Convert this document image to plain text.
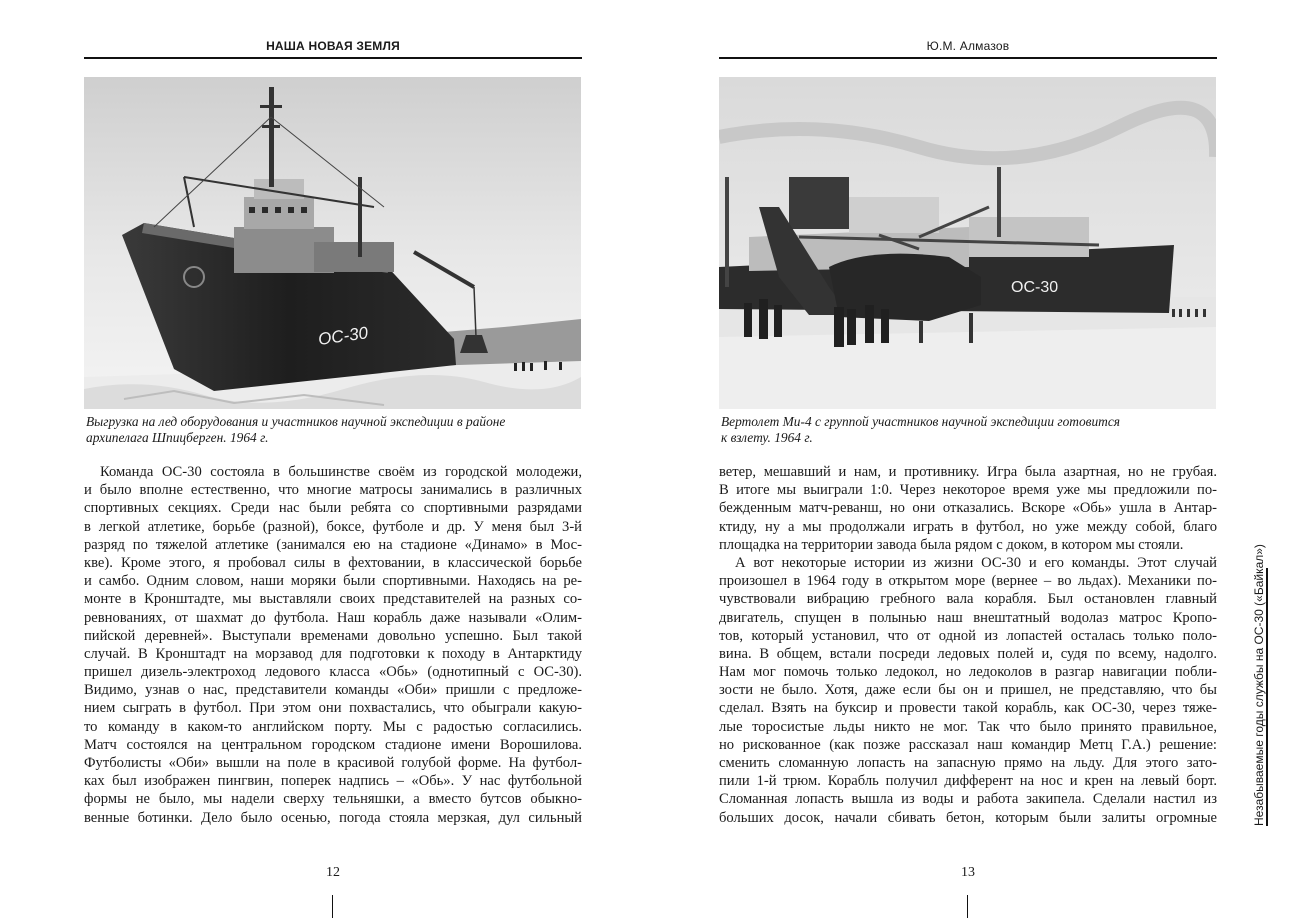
НАША НОВАЯ ЗЕМЛЯ
ОС-30
Выгрузка на лед оборудования и участников научной экспедиции в районе
архипелага Шпицберген. 1964 г.
Команда ОС-30 состояла в большинстве своём из городской молодежи,
и было вполне естественно, что многие матросы занимались в различных
спортивных секциях. Среди нас были ребята со спортивными разрядами
в легкой атлетике, борьбе (разной), боксе, футболе и др. У меня был 3-й
разряд по тяжелой атлетике (занимался ею на стадионе «Динамо» в Мос-
кве). Кроме этого, я пробовал силы в фехтовании, в классической борьбе
и самбо. Одним словом, наши моряки были спортивными. Находясь на ре-
монте в Кронштадте, мы выставляли своих представителей на разных со-
ревнованиях, от шахмат до футбола. Наш корабль даже называли «Олим-
пийской деревней». Выступали временами довольно успешно. Был такой
случай. В Кронштадт на морзавод для подготовки к походу в Антарктиду
пришел дизель-электроход ледового класса «Обь» (однотипный с ОС-30).
Видимо, узнав о нас, представители команды «Оби» пришли с предложе-
нием сыграть в футбол. При этом они похвастались, что обыграли какую-
то команду в каком-то английском порту. Мы с радостью согласились.
Матч состоялся на центральном городском стадионе имени Ворошилова.
Футболисты «Оби» вышли на поле в красивой голубой форме. На футбол-
ках был изображен пингвин, поперек надпись – «Обь». У нас футбольной
формы не было, мы надели сверху тельняшки, а вместо бутсов обыкно-
венные ботинки. Дело было осенью, погода стояла мерзкая, дул сильный
12
Ю.М. Алмазов
ОС-30
Вертолет Ми-4 с группой участников научной экспедиции готовится
к взлету. 1964 г.
ветер, мешавший и нам, и противнику. Игра была азартная, но не грубая.
В итоге мы выиграли 1:0. Через некоторое время уже мы предложили по-
бежденным матч-реванш, но они отказались. Вскоре «Обь» ушла в Антар-
ктиду, ну а мы продолжали играть в футбол, но уже между собой, благо
площадка на территории завода была рядом с доком, в котором мы стояли.
А вот некоторые истории из жизни ОС-30 и его команды. Этот случай
произошел в 1964 году в открытом море (вернее – во льдах). Механики по-
чувствовали вибрацию гребного вала корабля. Был остановлен главный
двигатель, спущен в полынью наш внештатный водолаз матрос Кропо-
тов, который установил, что от одной из лопастей осталась только поло-
вина. В общем, встали посреди ледовых полей и, судя по всему, надолго.
Нам мог помочь только ледокол, но ледоколов в разгар навигации побли-
зости не было. Хотя, даже если бы он и пришел, не представляю, что бы
сделал. Взять на буксир и провести такой корабль, как ОС-30, через тяже-
лые торосистые льды никто не мог. Так что было принято правильное,
но рискованное (как позже рассказал наш командир Метц Г.А.) решение:
сменить сломанную лопасть на запасную прямо на льду. Для этого зато-
пили 1-й трюм. Корабль получил дифферент на нос и крен на левый борт.
Сломанная лопасть вышла из воды и работа закипела. Сделали настил из
больших досок, начали сбивать бетон, которым были залиты огромные
13
Незабываемые годы службы на ОС-30 («Байкал»)
